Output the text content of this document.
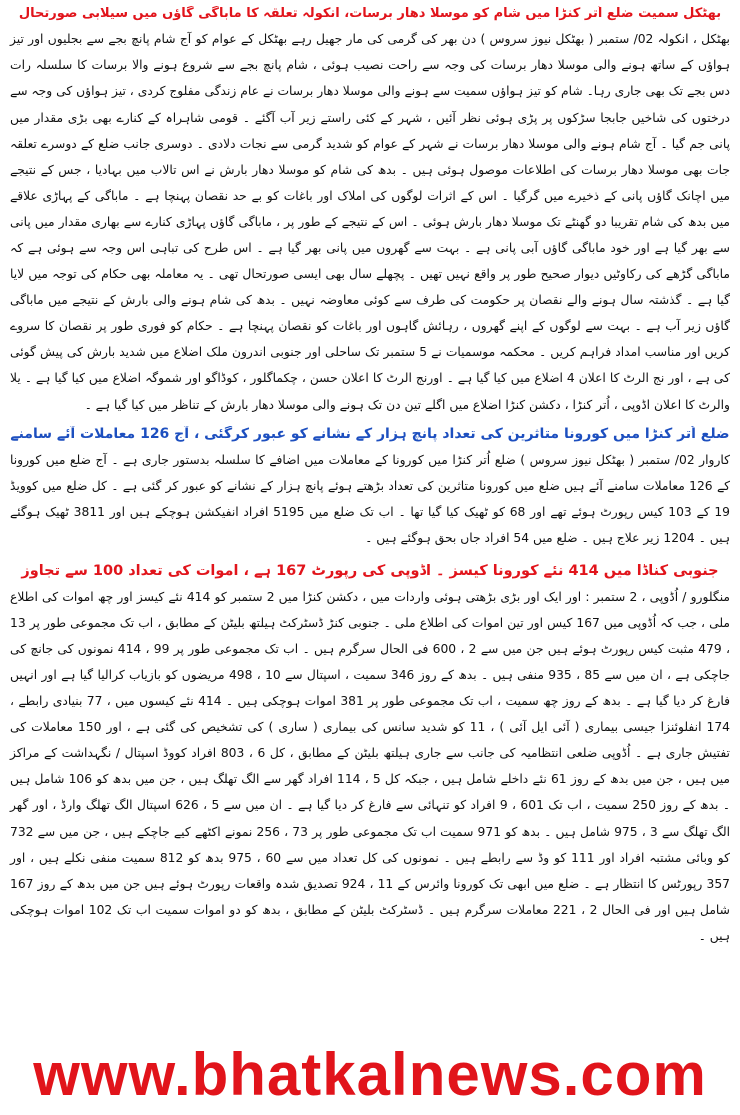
بھٹکل سمیت ضلع اُتر کنڑا میں شام کو موسلا دھار برسات، انکولہ تعلقہ کا ماباگی گاؤں میں سیلابی صورتحال

بھٹکل ، انکولہ 02/ ستمبر ( بھٹکل نیوز سروس ) دن بھر کی گرمی کی مار جھیل رہے بھٹکل کے عوام کو آج شام پانچ بجے سے بجلیوں اور تیز ہواؤں کے ساتھ ہونے والی موسلا دھار برسات کی وجہ سے راحت نصیب ہوئی ، شام پانچ بجے سے شروع ہونے والا برسات کا سلسلہ رات دس بجے تک بھی جاری رہا۔ شام کو تیز ہواؤں سمیت سے ہونے والی موسلا دھار برسات نے عام زندگی مفلوج کردی ، تیز ہواؤں کی وجہ سے درختوں کی شاخیں جابجا سڑکوں پر پڑی ہوئی نظر آئیں ، شہر کے کئی راستے زیر آب آگئے ۔ قومی شاہراہ کے کنارے بھی بڑی مقدار میں پانی جم گیا ۔ آج شام ہونے والی موسلا دھار برسات نے شہر کے عوام کو شدید گرمی سے نجات دلادی ۔ دوسری جانب ضلع کے دوسرے تعلقہ جات بھی موسلا دھار برسات کی اطلاعات موصول ہوئی ہیں ۔ بدھ کی شام کو موسلا دھار بارش نے اس تالاب میں بہادیا ، جس کے نتیجے میں اچانک گاؤں پانی کے ذخیرے میں گرگیا ۔ اس کے اثرات لوگوں کی املاک اور باغات کو بے حد نقصان پہنچا ہے ۔ ماباگی کے پہاڑی علاقے میں بدھ کی شام تقریبا دو گھنٹے تک موسلا دھار بارش ہوئی ۔ اس کے نتیجے کے طور پر ، ماباگی گاؤں پہاڑی کنارے سے بھاری مقدار میں پانی سے بھر گیا ہے اور خود ماباگی گاؤں آبی پانی ہے ۔ بہت سے گھروں میں پانی بھر گیا ہے ۔ اس طرح کی تباہی اس وجہ سے ہوئی ہے کہ ماباگی گڑھے کی رکاوٹیں دیوار صحیح طور پر واقع نہیں تھیں ۔ پچھلے سال بھی ایسی صورتحال تھی ۔ یہ معاملہ بھی حکام کی توجہ میں لایا گیا ہے ۔ گذشتہ سال ہونے والے نقصان پر حکومت کی طرف سے کوئی معاوضہ نہیں ۔ بدھ کی شام ہونے والی بارش کے نتیجے میں ماباگی گاؤں زیر آب ہے ۔ بہت سے لوگوں کے اپنے گھروں ، رہائش گاہوں اور باغات کو نقصان پہنچا ہے ۔ حکام کو فوری طور پر نقصان کا سروے کریں اور مناسب امداد فراہم کریں ۔ محکمہ موسمیات نے 5 ستمبر تک ساحلی اور جنوبی اندرون ملک اضلاع میں شدید بارش کی پیش گوئی کی ہے ، اور نج الرٹ کا اعلان 4 اضلاع میں کیا گیا ہے ۔ اورنج الرٹ کا اعلان حسن ، چکماگلور ، کوڈاگو اور شموگہ اضلاع میں کیا گیا ہے ۔ یلا والرٹ کا اعلان اڈوپی ، اُتر کنڑا ، دکشن کنڑا اضلاع میں اگلے تین دن تک ہونے والی موسلا دھار بارش کے تناظر میں کیا گیا ہے ۔

ضلع اُتر کنڑا میں کورونا متاثرین کی تعداد پانچ ہزار کے نشانے کو عبور کرگئی ، آج 126 معاملات آئے سامنے

کاروار 02/ ستمبر ( بھٹکل نیوز سروس ) ضلع اُتر کنڑا میں کورونا کے معاملات میں اضافے کا سلسلہ بدستور جاری ہے ۔ آج ضلع میں کورونا کے 126 معاملات سامنے آئے ہیں ضلع میں کورونا متاثرین کی تعداد بڑھتے ہوئے پانچ ہزار کے نشانے کو عبور کر گئی ہے ۔ کل ضلع میں کوویڈ 19 کے 103 کیس رپورٹ ہوئے تھے اور 68 کو ٹھیک کیا گیا تھا ۔ اب تک ضلع میں 5195 افراد انفیکشن ہوچکے ہیں اور 3811 ٹھیک ہوگئے ہیں ۔ 1204 زیر علاج ہیں ۔ ضلع میں 54 افراد جاں بحق ہوگئے ہیں ۔

جنوبی کناڈا میں 414 نئے کورونا کیسز ۔ اڈوپی کی رپورٹ 167 ہے ، اموات کی تعداد 100 سے تجاوز

منگلورو / اُڈوپی ، 2 ستمبر : اور ایک اور بڑی بڑھتی ہوئی واردات میں ، دکشن کنڑا میں 2 ستمبر کو 414 نئے کیسز اور چھ اموات کی اطلاع ملی ، جب کہ اُڈوپی میں 167 کیس اور تین اموات کی اطلاع ملی ۔ جنوبی کنڑ ڈسٹرکٹ ہیلتھ بلیٹن کے مطابق ، اب تک مجموعی طور پر 13 ، 479 مثبت کیس رپورٹ ہوئے ہیں جن میں سے 2 ، 600 فی الحال سرگرم ہیں ۔ اب تک مجموعی طور پر 99 ، 414 نمونوں کی جانچ کی جاچکی ہے ، ان میں سے 85 ، 935 منفی ہیں ۔ بدھ کے روز 346 سمیت ، اسپتال سے 10 ، 498 مریضوں کو بازیاب کرالیا گیا ہے اور انہیں فارغ کر دیا گیا ہے ۔ بدھ کے روز چھ سمیت ، اب تک مجموعی طور پر 381 اموات ہوچکی ہیں ۔ 414 نئے کیسوں میں ، 77 بنیادی رابطے ، 174 انفلوئنزا جیسی بیماری ( آئی ایل آئی ) ، 11 کو شدید سانس کی بیماری ( ساری ) کی تشخیص کی گئی ہے ، اور 150 معاملات کی تفتیش جاری ہے ۔ اُڈوپی ضلعی انتظامیہ کی جانب سے جاری ہیلتھ بلیٹن کے مطابق ، کل 6 ، 803 افراد کووڈ اسپتال / نگہداشت کے مراکز میں ہیں ، جن میں بدھ کے روز 61 نئے داخلے شامل ہیں ، جبکہ کل 5 ، 114 افراد گھر سے الگ تھلگ ہیں ، جن میں بدھ کو 106 شامل ہیں ۔ بدھ کے روز 250 سمیت ، اب تک 601 ، 9 افراد کو تنہائی سے فارغ کر دیا گیا ہے ۔ ان میں سے 5 ، 626 اسپتال الگ تھلگ وارڈ ، اور گھر الگ تھلگ سے 3 ، 975 شامل ہیں ۔ بدھ کو 971 سمیت اب تک مجموعی طور پر 73 ، 256 نمونے اکٹھے کیے جاچکے ہیں ، جن میں سے 732 کو وبائی مشتبہ افراد اور 111 کو وڈ سے رابطے ہیں ۔ نمونوں کی کل تعداد میں سے 60 ، 975 بدھ کو 812 سمیت منفی نکلے ہیں ، اور 357 رپورٹس کا انتظار ہے ۔ ضلع میں ابھی تک کورونا وائرس کے 11 ، 924 تصدیق شدہ واقعات رپورٹ ہوئے ہیں جن میں بدھ کے روز 167 شامل ہیں اور فی الحال 2 ، 221 معاملات سرگرم ہیں ۔ ڈسٹرکٹ بلیٹن کے مطابق ، بدھ کو دو اموات سمیت اب تک 102 اموات ہوچکی ہیں ۔

www.bhatkalnews.com
